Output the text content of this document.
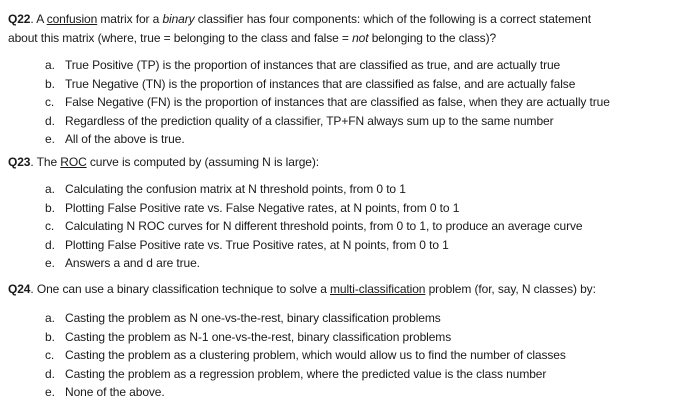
Q22. A confusion matrix for a binary classifier has four components: which of the following is a correct statement
about this matrix (where, true = belonging to the class and false = not belonging to the class)?

a. True Positive (TP) is the proportion of instances that are classified as true, and are actually true
b. True Negative (TN) is the proportion of instances that are classified as false, and are actually false
c. False Negative (FN) is the proportion of instances that are classified as false, when they are actually true
d. Regardless of the prediction quality of a classifier, TP+FN always sum up to the same number
e. All of the above is true.

Q23. The ROC curve is computed by (assuming N is large):

a. Calculating the confusion matrix at N threshold points, from 0 to 1
b. Plotting False Positive rate vs. False Negative rates, at N points, from 0 to 1
c. Calculating N ROC curves for N different threshold points, from 0 to 1, to produce an average curve
d. Plotting False Positive rate vs. True Positive rates, at N points, from 0 to 1
e. Answers a and d are true.

Q24. One can use a binary classification technique to solve a multi-classification problem (for, say, N classes) by:

a. Casting the problem as N one-vs-the-rest, binary classification problems
b. Casting the problem as N-1 one-vs-the-rest, binary classification problems
c. Casting the problem as a clustering problem, which would allow us to find the number of classes
d. Casting the problem as a regression problem, where the predicted value is the class number
e. None of the above.
